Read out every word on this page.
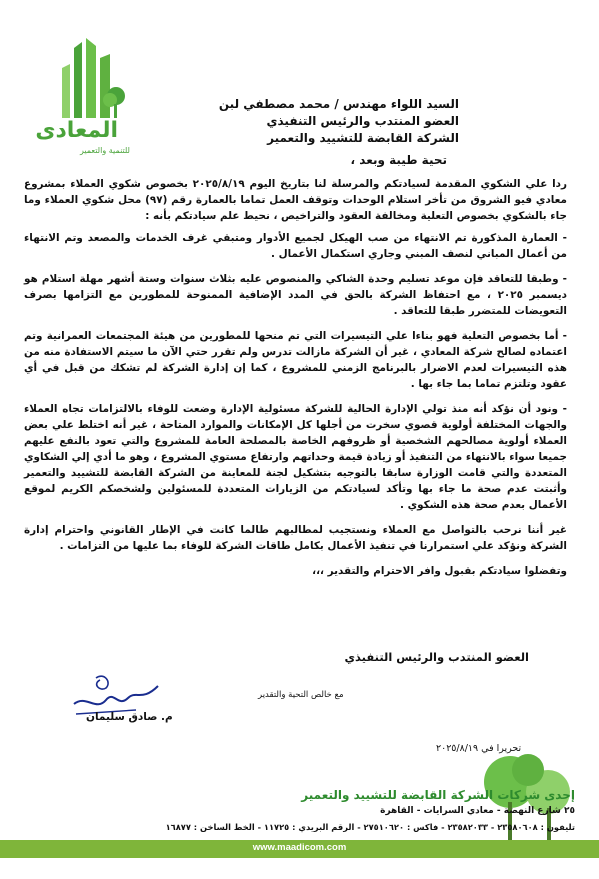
المعادى
للتنمية والتعمير
السيد اللواء مهندس / محمد مصطفي لبن
العضو المنتدب والرئيس التنفيذي
الشركة القابضة للتشييد والتعمير
تحية طيبة وبعد ،

ردا علي الشكوي المقدمة لسيادتكم والمرسلة لنا بتاريخ اليوم ٢٠٢٥/٨/١٩ بخصوص شكوي العملاء بمشروع معادي فيو الشروق من تأخر استلام الوحدات وتوقف العمل تماما بالعمارة رقم (٩٧) محل شكوي العملاء وما جاء بالشكوي بخصوص التعلية ومخالفة العقود والتراخيص ، نحيط علم سيادتكم بأنه :

- العمارة المذكورة تم الانتهاء من صب الهيكل لجميع الأدوار ومتبقي غرف الخدمات والمصعد وتم الانتهاء من أعمال المباني لنصف المبني وجاري استكمال الأعمال .

- وطبقا للتعاقد فإن موعد تسليم وحدة الشاكي والمنصوص عليه بثلاث سنوات وستة أشهر مهلة استلام هو ديسمبر ٢٠٢٥ ، مع احتفاظ الشركة بالحق في المدد الإضافية الممنوحة للمطورين مع التزامها بصرف التعويضات للمتضرر طبقا للتعاقد .

- أما بخصوص التعلية فهو بناءا علي التيسيرات التي تم منحها للمطورين من هيئة المجتمعات العمرانية وتم اعتماده لصالح شركة المعادي ، غير أن الشركة مازالت تدرس ولم تقرر حتي الآن ما سيتم الاستفادة منه من هذه التيسيرات لعدم الاضرار بالبرنامج الزمني للمشروع ، كما إن إدارة الشركة لم تشكك من قبل في أي عقود وتلتزم تماما بما جاء بها .

- ونود أن نؤكد أنه منذ تولي الإدارة الحالية للشركة مسئولية الإدارة وضعت للوفاء بالالتزامات تجاه العملاء والجهات المختلفة أولوية قصوي سخرت من أجلها كل الإمكانات والموارد المتاحة ، غير أنه اختلط علي بعض العملاء أولوية مصالحهم الشخصية أو ظروفهم الخاصة بالمصلحة العامة للمشروع والتي تعود بالنفع عليهم جميعا سواء بالانتهاء من التنفيذ أو زيادة قيمة وحداتهم وارتفاع مستوي المشروع ، وهو ما أدي إلي الشكاوي المتعددة والتي قامت الوزارة سابقا بالتوجيه بتشكيل لجنة للمعاينة من الشركة القابضة للتشييد والتعمير وأثبتت عدم صحة ما جاء بها وتأكد لسيادتكم من الزيارات المتعددة للمسئولين ولشخصكم الكريم لموقع الأعمال بعدم صحة هذه الشكوي .

غير أننا نرحب بالتواصل مع العملاء ونستجيب لمطالبهم طالما كانت في الإطار القانوني واحترام إدارة الشركة ونؤكد علي استمرارنا في تنفيذ الأعمال بكامل طاقات الشركة للوفاء بما عليها من التزامات .

وتفضلوا سيادتكم بقبول وافر الاحترام والتقدير ،،،

العضو المنتدب والرئيس التنفيذي
مع خالص التحية والتقدير
م. صادق سليمان
تحريرا في ٢٠٢٥/٨/١٩
إحدى شركات الشركة القابضة للتشييد والتعمير
٢٥ شارع النهضة - معادي السرايات - القاهرة
تليفون : ٢٣٥٨٠٦٠٨ - ٢٣٥٨٢٠٣٣ - فاكس : ٢٧٥١٠٦٢٠ - الرقم البريدي : ١١٧٢٥ - الخط الساخن : ١٦٨٧٧
www.maadicom.com
